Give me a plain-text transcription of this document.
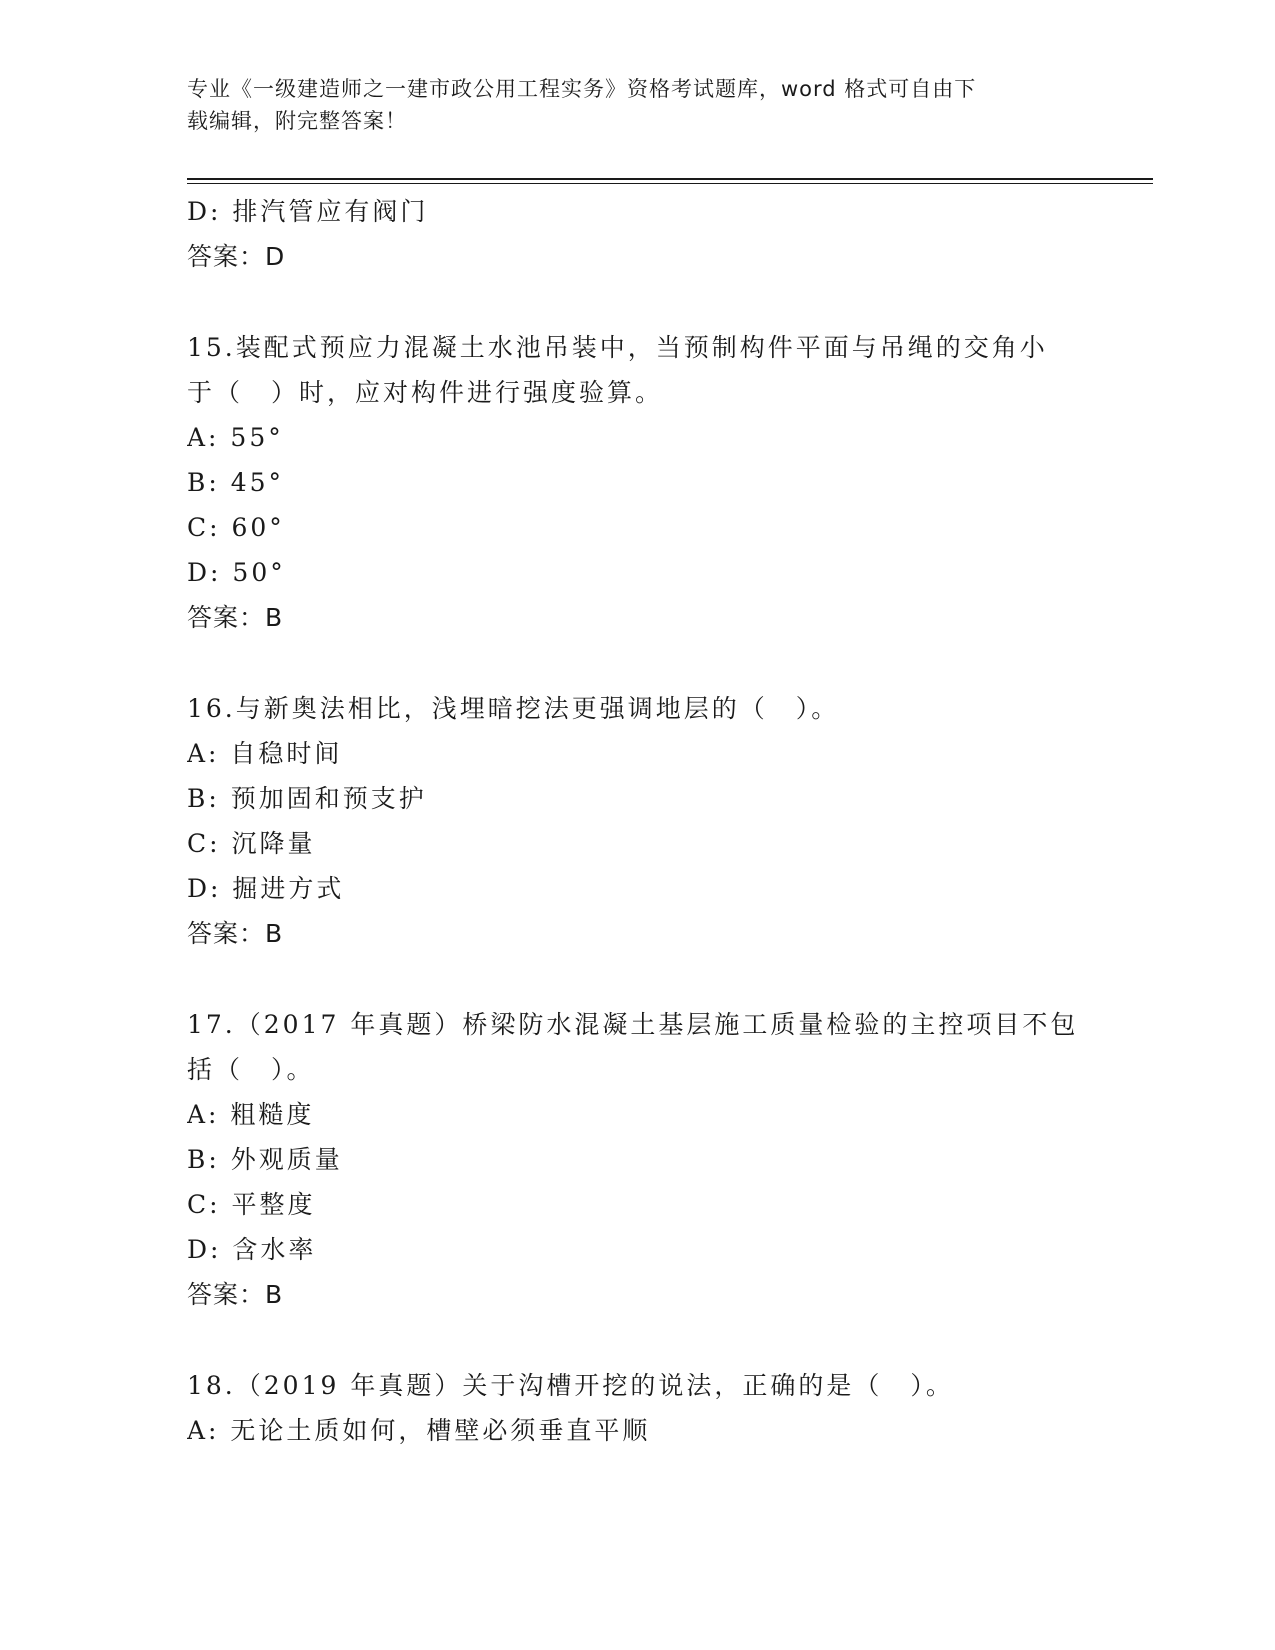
专业《一级建造师之一建市政公用工程实务》资格考试题库，word 格式可自由下
载编辑，附完整答案！
D: 排汽管应有阀门
答案：D
15.装配式预应力混凝土水池吊装中，当预制构件平面与吊绳的交角小
于（　）时，应对构件进行强度验算。
A: 55°
B: 45°
C: 60°
D: 50°
答案：B
16.与新奥法相比，浅埋暗挖法更强调地层的（　）。
A: 自稳时间
B: 预加固和预支护
C: 沉降量
D: 掘进方式
答案：B
17.（2017 年真题）桥梁防水混凝土基层施工质量检验的主控项目不包
括（　）。
A: 粗糙度
B: 外观质量
C: 平整度
D: 含水率
答案：B
18.（2019 年真题）关于沟槽开挖的说法，正确的是（　）。
A: 无论土质如何，槽壁必须垂直平顺
